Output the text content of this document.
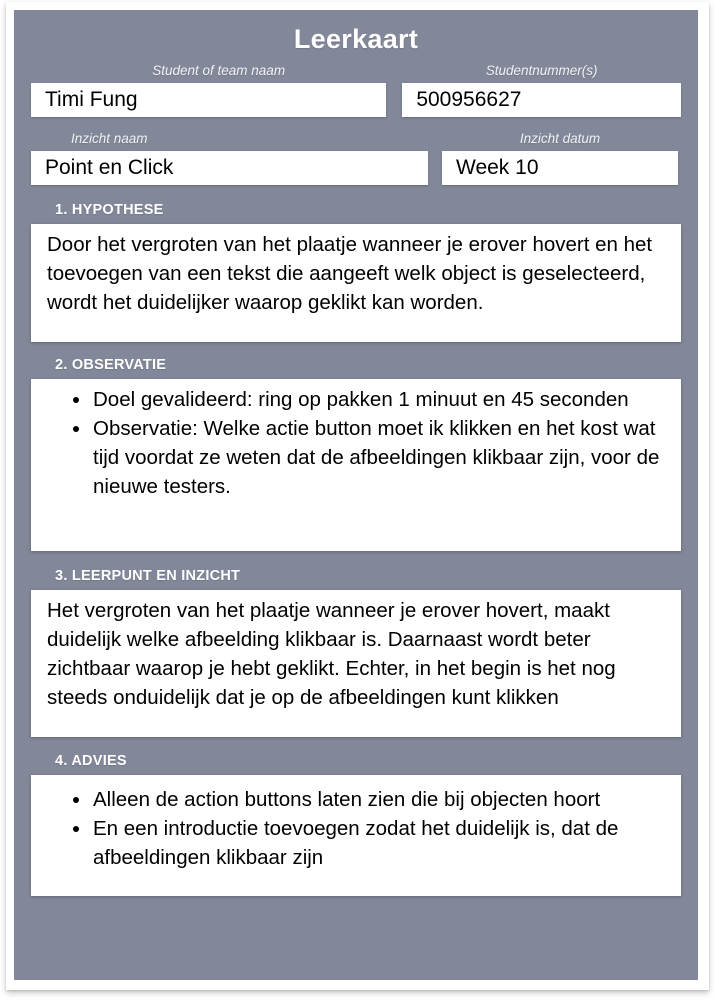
Leerkaart
Student of team naam
Timi Fung
Studentnummer(s)
500956627
Inzicht naam
Point en Click
Inzicht datum
Week 10
1. HYPOTHESE

Door het vergroten van het plaatje wanneer je erover hovert en het toevoegen van een tekst die aangeeft welk object is geselecteerd, wordt het duidelijker waarop geklikt kan worden.

2. OBSERVATIE
Doel gevalideerd: ring op pakken 1 minuut en 45 seconden
Observatie: Welke actie button moet ik klikken en het kost wat tijd voordat ze weten dat de afbeeldingen klikbaar zijn, voor de nieuwe testers.
3. LEERPUNT EN INZICHT

Het vergroten van het plaatje wanneer je erover hovert, maakt duidelijk welke afbeelding klikbaar is. Daarnaast wordt beter zichtbaar waarop je hebt geklikt. Echter, in het begin is het nog steeds onduidelijk dat je op de afbeeldingen kunt klikken

4. ADVIES
Alleen de action buttons laten zien die bij objecten hoort
En een introductie toevoegen zodat het duidelijk is, dat de afbeeldingen klikbaar zijn
